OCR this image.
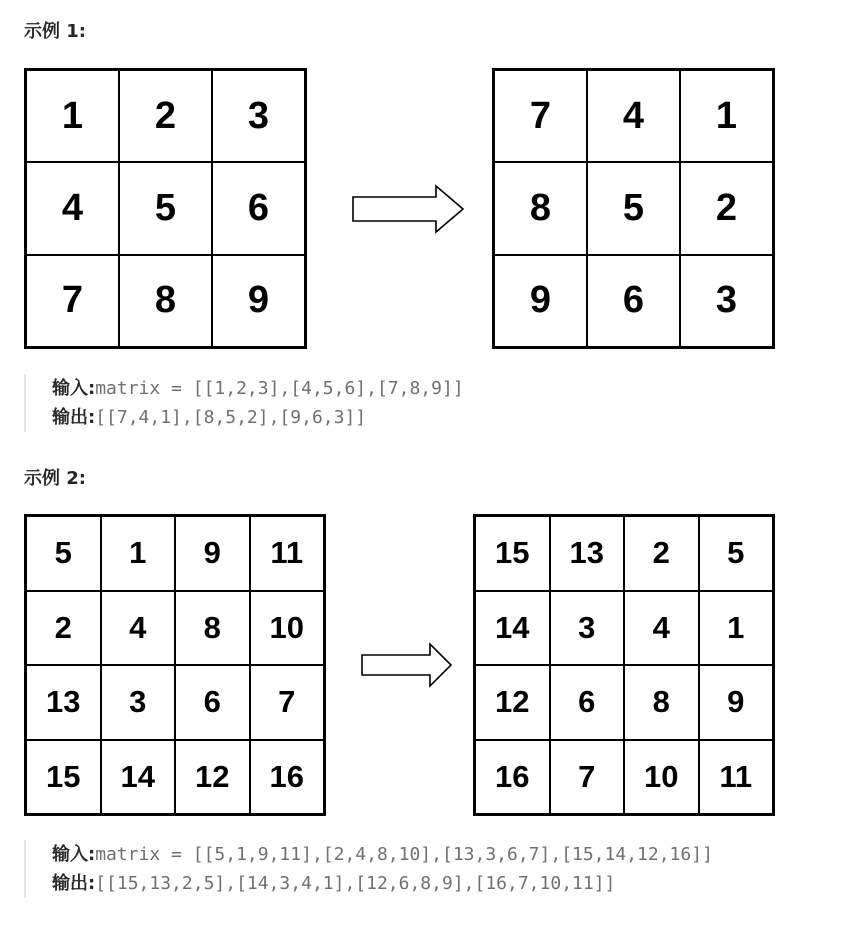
示例 1:
1	2	3
4	5	6
7	8	9
7	4	1
8	5	2
9	6	3
输入:matrix = [[1,2,3],[4,5,6],[7,8,9]]
输出:[[7,4,1],[8,5,2],[9,6,3]]
示例 2:
5	1	9	11
2	4	8	10
13	3	6	7
15	14	12	16
15	13	2	5
14	3	4	1
12	6	8	9
16	7	10	11
输入:matrix = [[5,1,9,11],[2,4,8,10],[13,3,6,7],[15,14,12,16]]
输出:[[15,13,2,5],[14,3,4,1],[12,6,8,9],[16,7,10,11]]
